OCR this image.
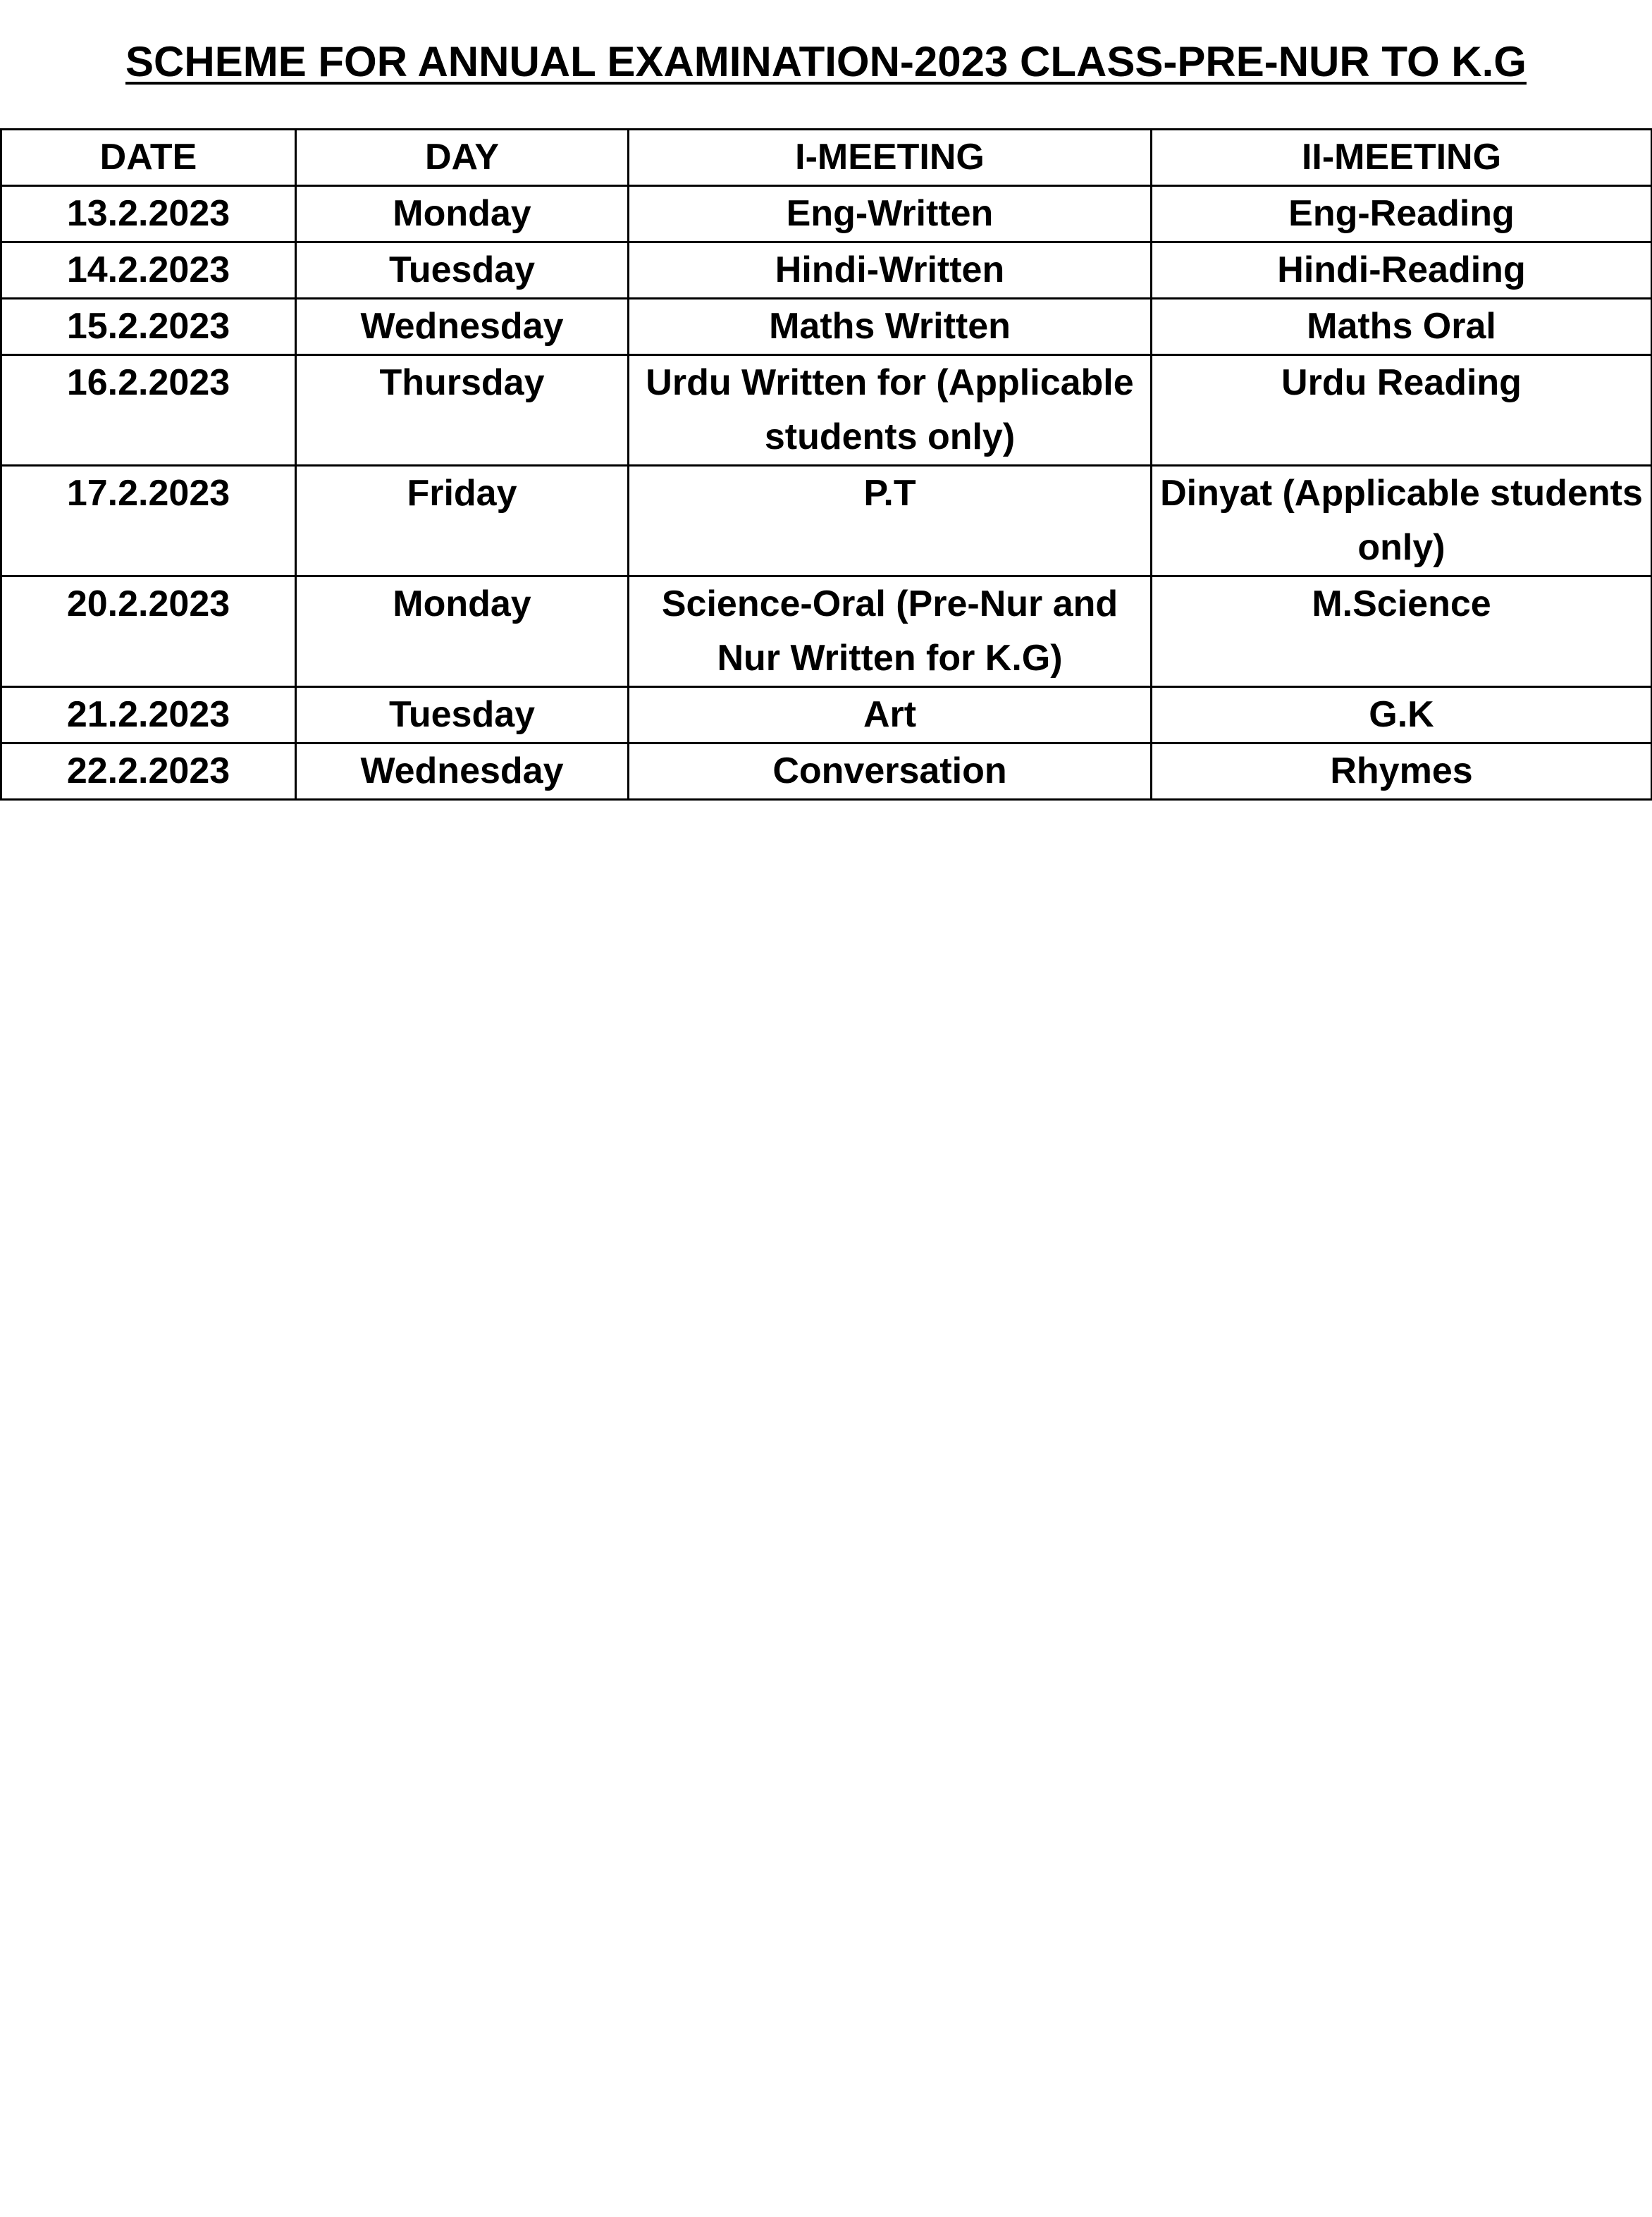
SCHEME FOR ANNUAL EXAMINATION-2023 CLASS-PRE-NUR TO K.G
DATE	DAY	I-MEETING	II-MEETING
13.2.2023	Monday	Eng-Written	Eng-Reading
14.2.2023	Tuesday	Hindi-Written	Hindi-Reading
15.2.2023	Wednesday	Maths Written	Maths Oral
16.2.2023	Thursday	Urdu Written for (Applicable students only)	Urdu Reading
17.2.2023	Friday	P.T	Dinyat (Applicable students only)
20.2.2023	Monday	Science-Oral (Pre-Nur and Nur Written for K.G)	M.Science
21.2.2023	Tuesday	Art	G.K
22.2.2023	Wednesday	Conversation	Rhymes
